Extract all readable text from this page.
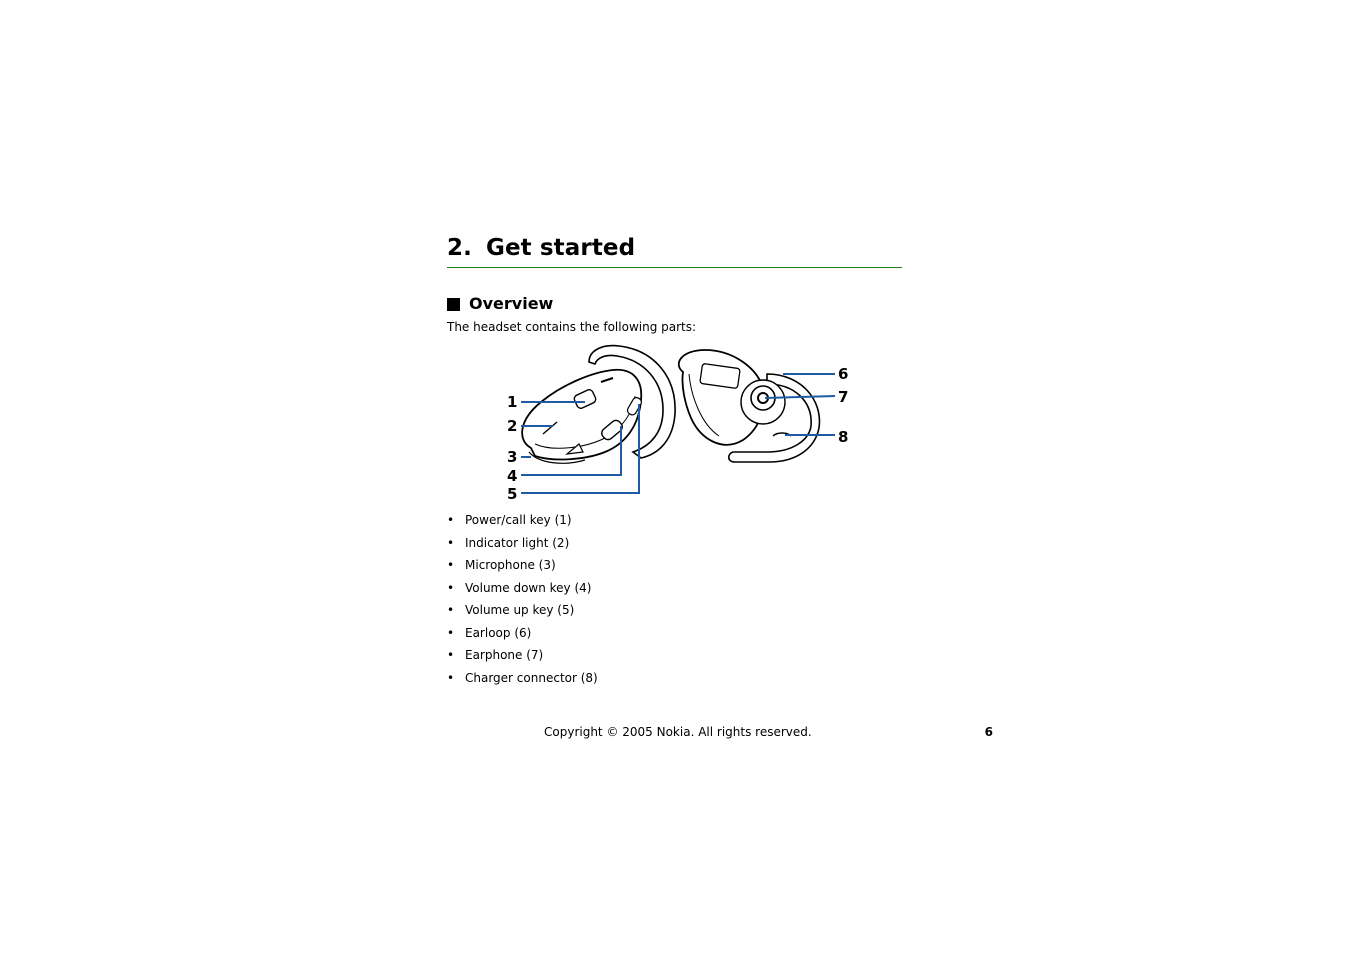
2. Get started
Overview

The headset contains the following parts:

1
2
3
4
5
6
7
8
• Power/call key (1)
• Indicator light (2)
• Microphone (3)
• Volume down key (4)
• Volume up key (5)
• Earloop (6)
• Earphone (7)
• Charger connector (8)
Copyright © 2005 Nokia. All rights reserved.	6
